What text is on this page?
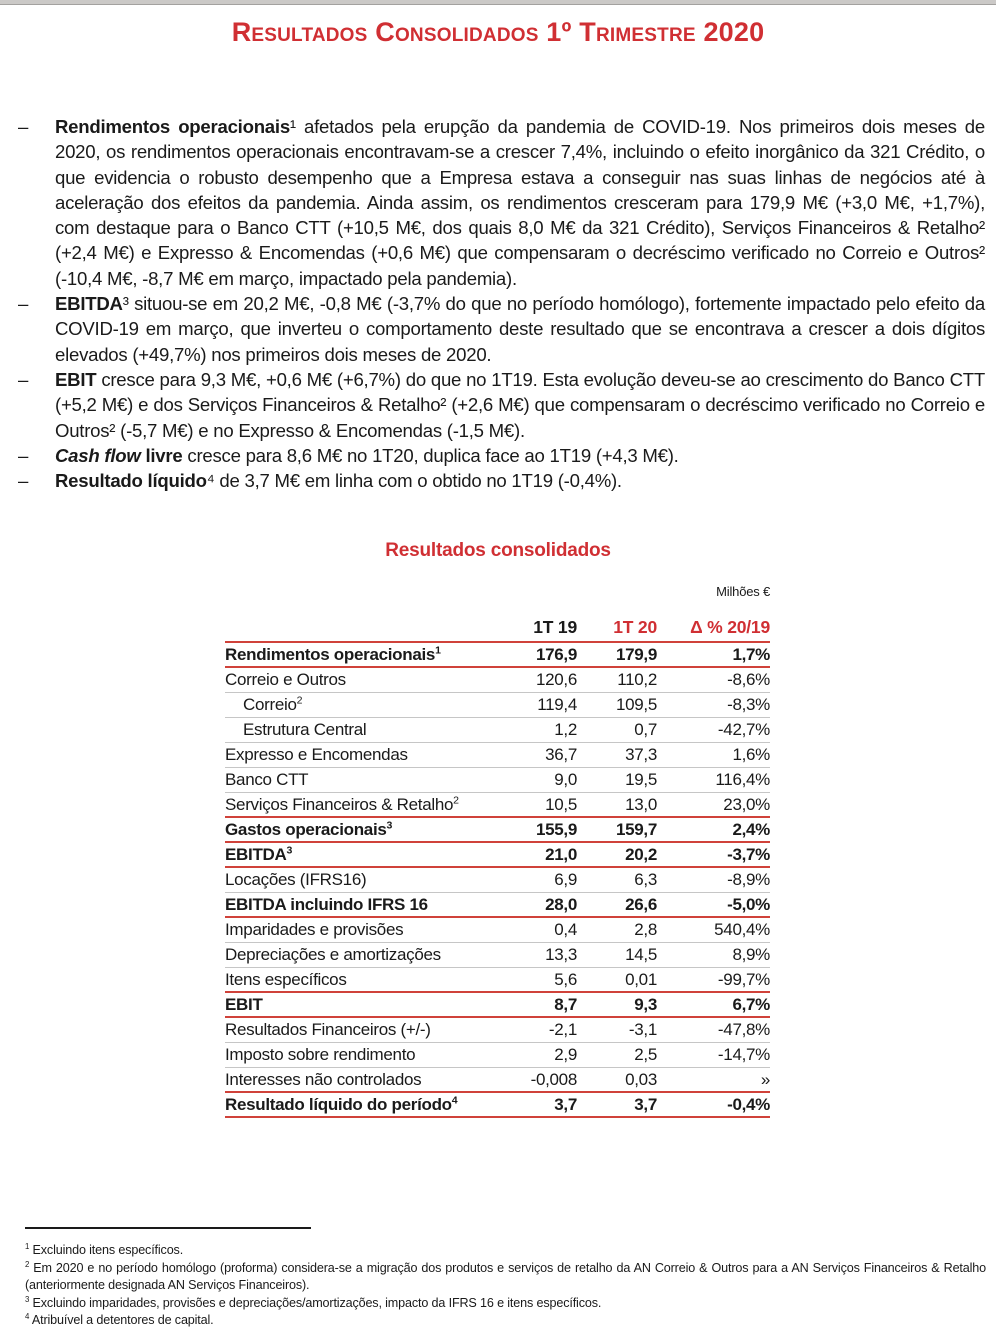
Resultados Consolidados 1º Trimestre 2020
–	Rendimentos operacionais¹ afetados pela erupção da pandemia de COVID-19. Nos primeiros dois meses de 2020, os rendimentos operacionais encontravam-se a crescer 7,4%, incluindo o efeito inorgânico da 321 Crédito, o que evidencia o robusto desempenho que a Empresa estava a conseguir nas suas linhas de negócios até à aceleração dos efeitos da pandemia. Ainda assim, os rendimentos cresceram para 179,9 M€ (+3,0 M€, +1,7%), com destaque para o Banco CTT (+10,5 M€, dos quais 8,0 M€ da 321 Crédito), Serviços Financeiros & Retalho² (+2,4 M€) e Expresso & Encomendas (+0,6 M€) que compensaram o decréscimo verificado no Correio e Outros² (-10,4 M€, -8,7 M€ em março, impactado pela pandemia).
–	EBITDA³ situou-se em 20,2 M€, -0,8 M€ (-3,7% do que no período homólogo), fortemente impactado pelo efeito da COVID-19 em março, que inverteu o comportamento deste resultado que se encontrava a crescer a dois dígitos elevados (+49,7%) nos primeiros dois meses de 2020.
–	EBIT cresce para 9,3 M€, +0,6 M€ (+6,7%) do que no 1T19. Esta evolução deveu-se ao crescimento do Banco CTT (+5,2 M€) e dos Serviços Financeiros & Retalho² (+2,6 M€) que compensaram o decréscimo verificado no Correio e Outros² (-5,7 M€) e no Expresso & Encomendas (-1,5 M€).
–	Cash flow livre cresce para 8,6 M€ no 1T20, duplica face ao 1T19 (+4,3 M€).
–	Resultado líquido⁴ de 3,7 M€ em linha com o obtido no 1T19 (-0,4%).
Resultados consolidados
Milhões €
1T 19	1T 20	Δ % 20/19
Rendimentos operacionais$^1$	176,9	179,9	1,7%
Correio e Outros	120,6	110,2	-8,6%
Correio$^2$	119,4	109,5	-8,3%
Estrutura Central	1,2	0,7	-42,7%
Expresso e Encomendas	36,7	37,3	1,6%
Banco CTT	9,0	19,5	116,4%
Serviços Financeiros & Retalho$^2$	10,5	13,0	23,0%
Gastos operacionais$^3$	155,9	159,7	2,4%
EBITDA$^3$	21,0	20,2	-3,7%
Locações (IFRS16)	6,9	6,3	-8,9%
EBITDA incluindo IFRS 16	28,0	26,6	-5,0%
Imparidades e provisões	0,4	2,8	540,4%
Depreciações e amortizações	13,3	14,5	8,9%
Itens específicos	5,6	0,01	-99,7%
EBIT	8,7	9,3	6,7%
Resultados Financeiros (+/-)	-2,1	-3,1	-47,8%
Imposto sobre rendimento	2,9	2,5	-14,7%
Interesses não controlados	-0,008	0,03	»
Resultado líquido do período$^4$	3,7	3,7	-0,4%
$^1$ Excluindo itens específicos.
$^2$ Em 2020 e no período homólogo (proforma) considera-se a migração dos produtos e serviços de retalho da AN Correio & Outros para a AN Serviços Financeiros & Retalho (anteriormente designada AN Serviços Financeiros).
$^3$ Excluindo imparidades, provisões e depreciações/amortizações, impacto da IFRS 16 e itens específicos.
$^4$ Atribuível a detentores de capital.
